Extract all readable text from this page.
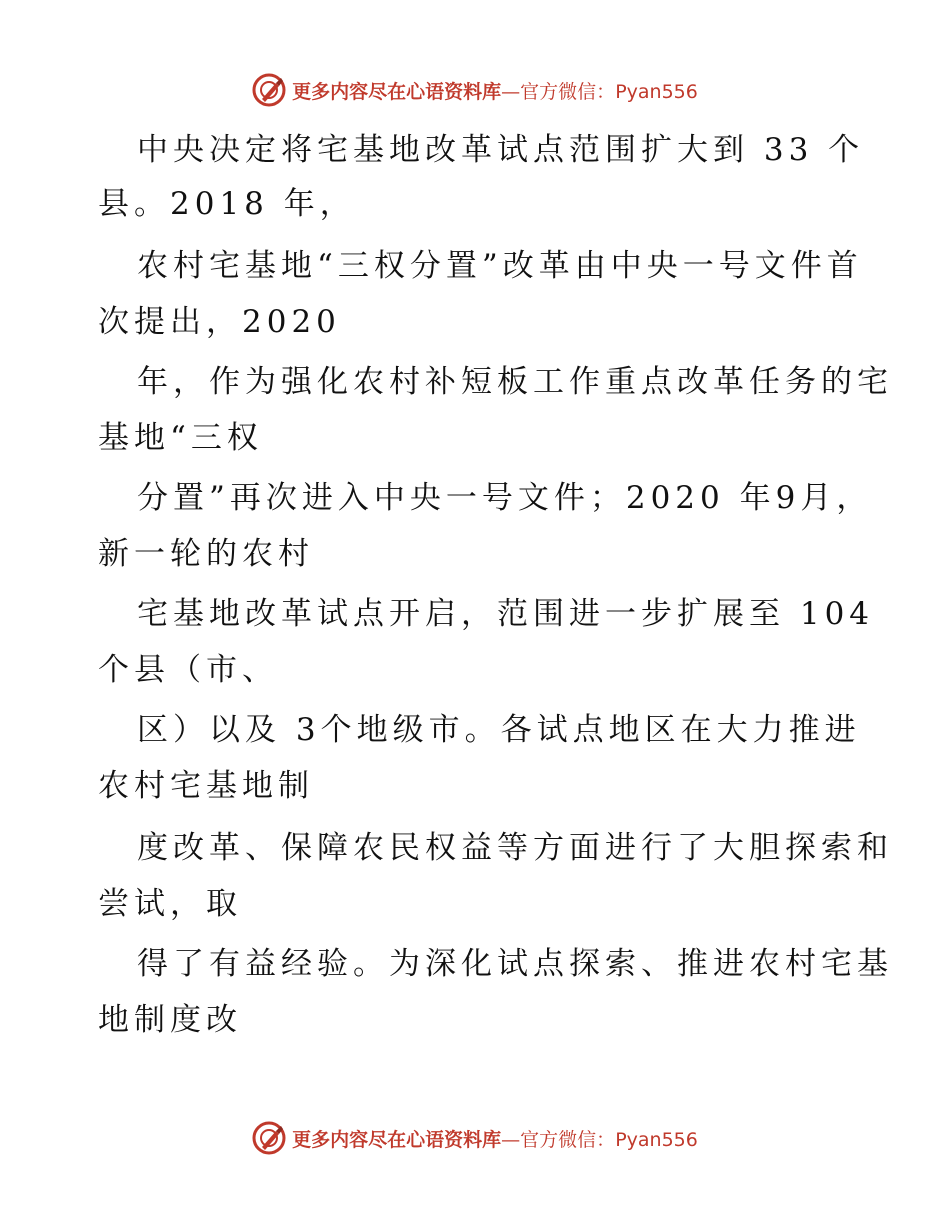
更多内容尽在心语资料库—官方微信：Pyan556
中央决定将宅基地改革试点范围扩大到 33 个
县。2018 年，
农村宅基地“三权分置”改革由中央一号文件首
次提出，2020
年，作为强化农村补短板工作重点改革任务的宅
基地“三权
分置”再次进入中央一号文件；2020 年9月，
新一轮的农村
宅基地改革试点开启，范围进一步扩展至 104
个县（市、
区）以及 3个地级市。各试点地区在大力推进
农村宅基地制
度改革、保障农民权益等方面进行了大胆探索和
尝试，取
得了有益经验。为深化试点探索、推进农村宅基
地制度改
更多内容尽在心语资料库—官方微信：Pyan556
